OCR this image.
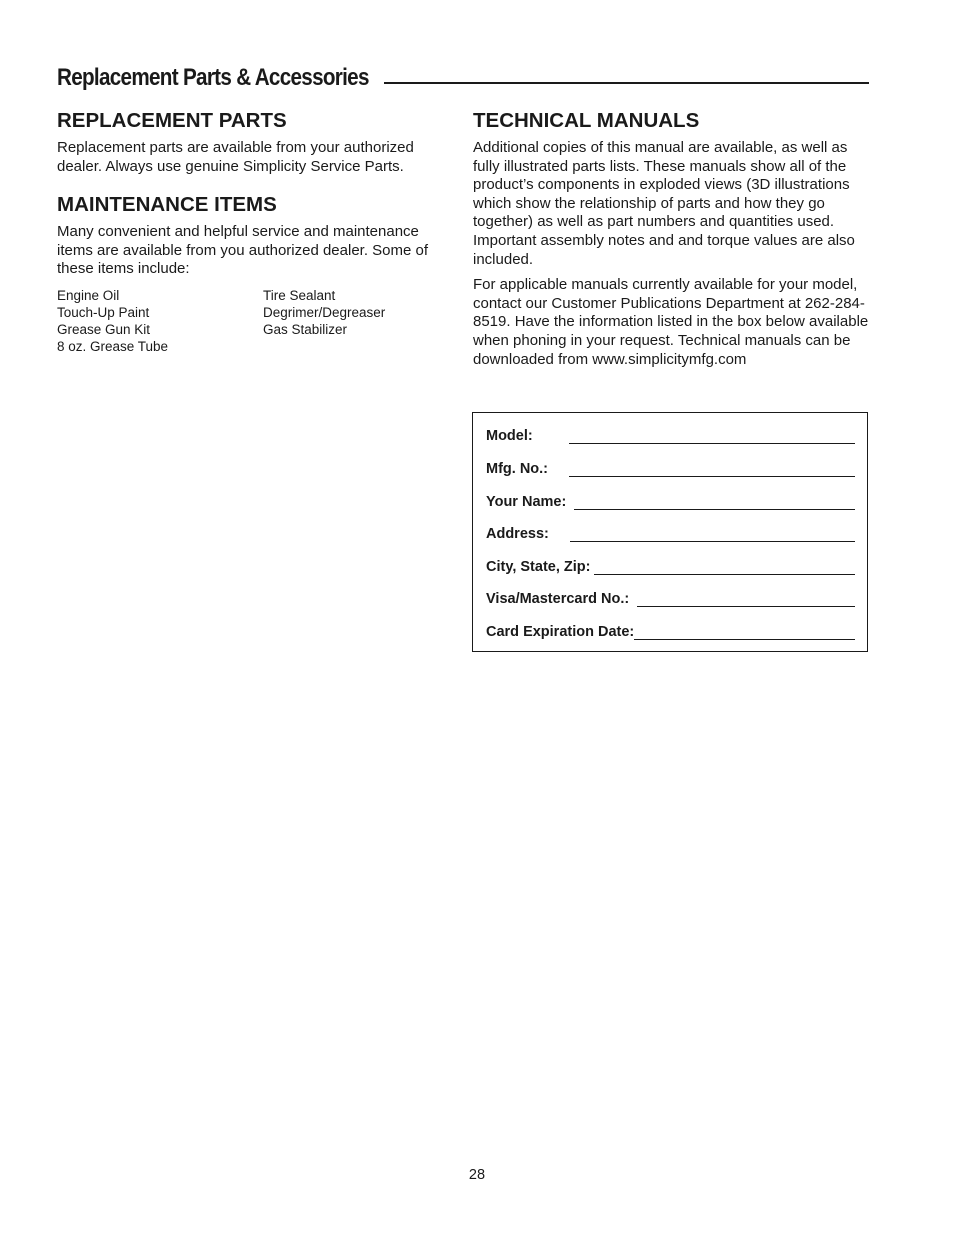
Replacement Parts & Accessories
REPLACEMENT PARTS

Replacement parts are available from your authorized dealer. Always use genuine Simplicity Service Parts.

MAINTENANCE ITEMS

Many convenient and helpful service and maintenance items are available from you authorized dealer. Some of these items include:

Engine Oil	Tire Sealant
Touch-Up Paint	Degrimer/Degreaser
Grease Gun Kit	Gas Stabilizer
8 oz. Grease Tube
TECHNICAL MANUALS

Additional copies of this manual are available, as well as fully illustrated parts lists. These manuals show all of the product’s components in exploded views (3D illustrations which show the relationship of parts and how they go together) as well as part numbers and quantities used. Important assembly notes and and torque values are also included.

For applicable manuals currently available for your model, contact our Customer Publications Department at 262-284-8519. Have the information listed in the box below available when phoning in your request. Technical manuals can be downloaded from www.simplicitymfg.com

Model:
Mfg. No.:
Your Name:
Address:
City, State, Zip:
Visa/Mastercard No.:
Card Expiration Date:
28
